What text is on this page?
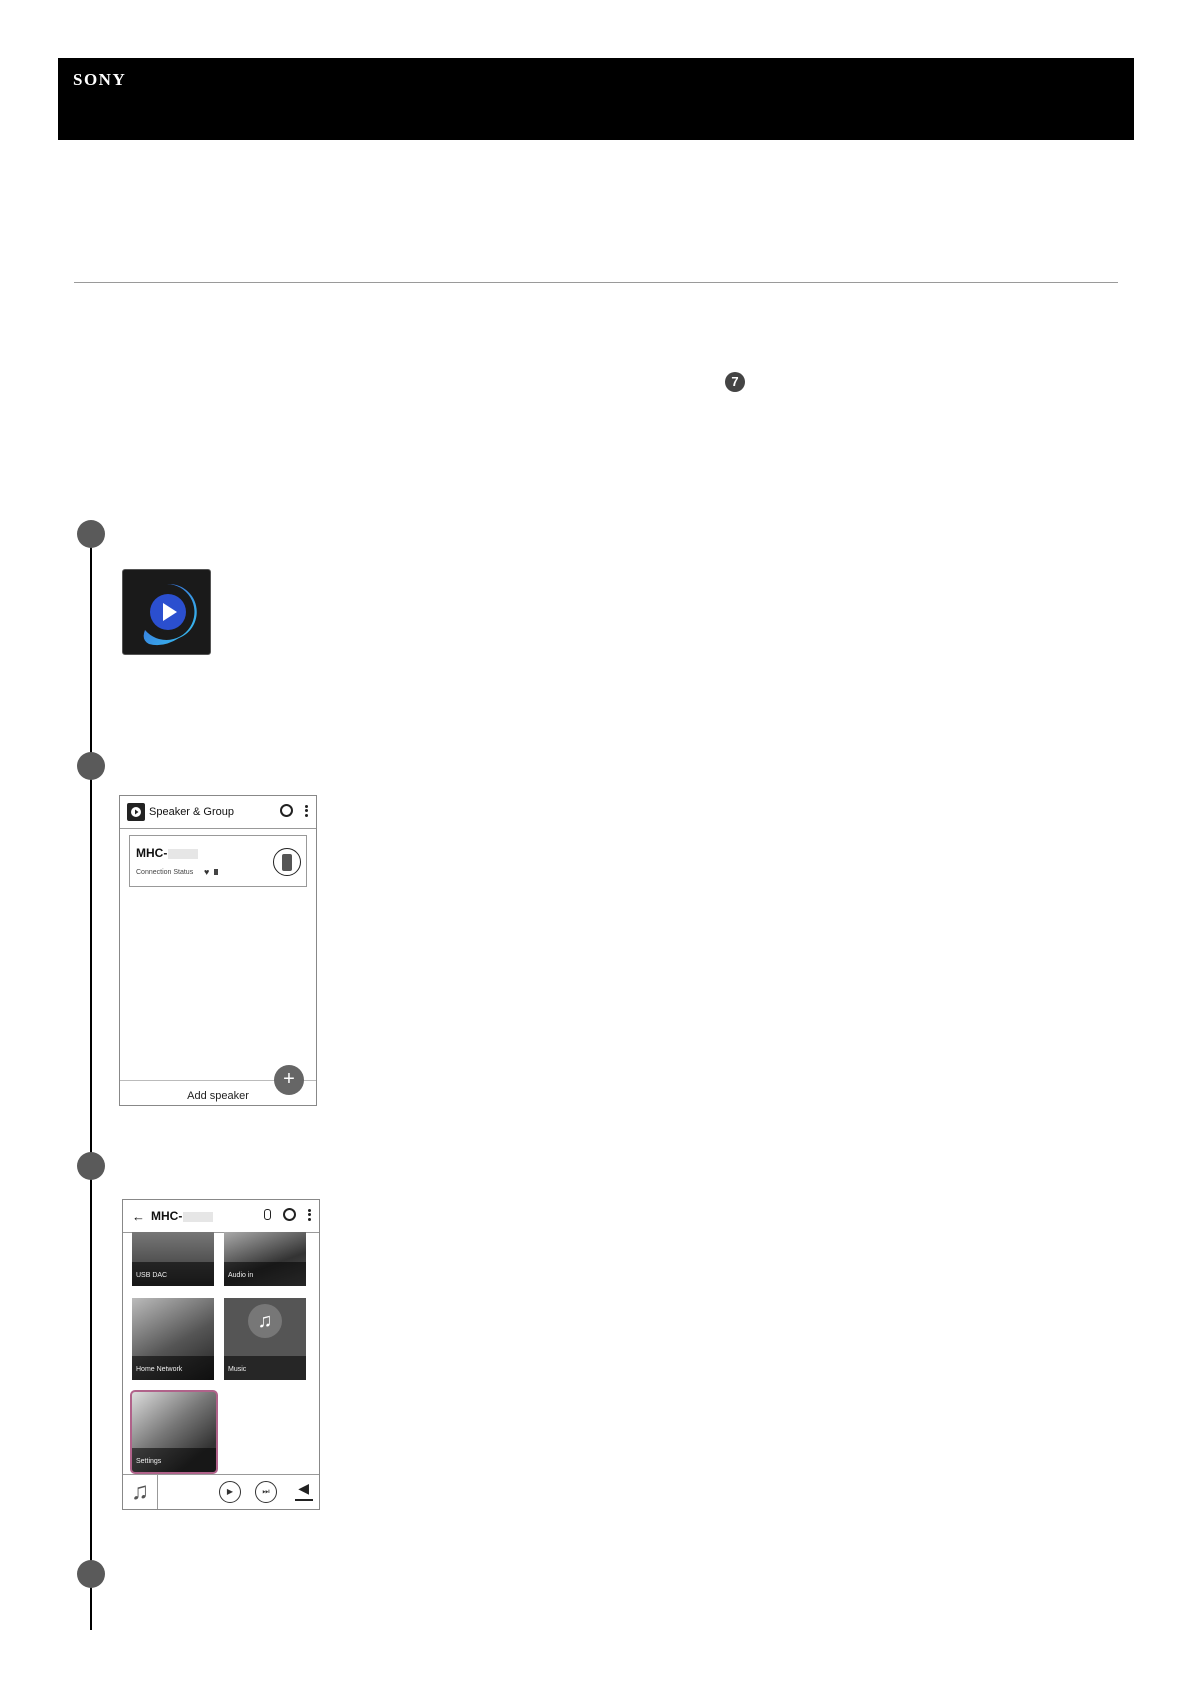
SONY
7
Speaker & Group
MHC-
Connection Status ♥
Add speaker
+
← MHC-
USB DAC	Audio in
Home Network
♫
Music
Settings
♫	▶	⏭	◀
